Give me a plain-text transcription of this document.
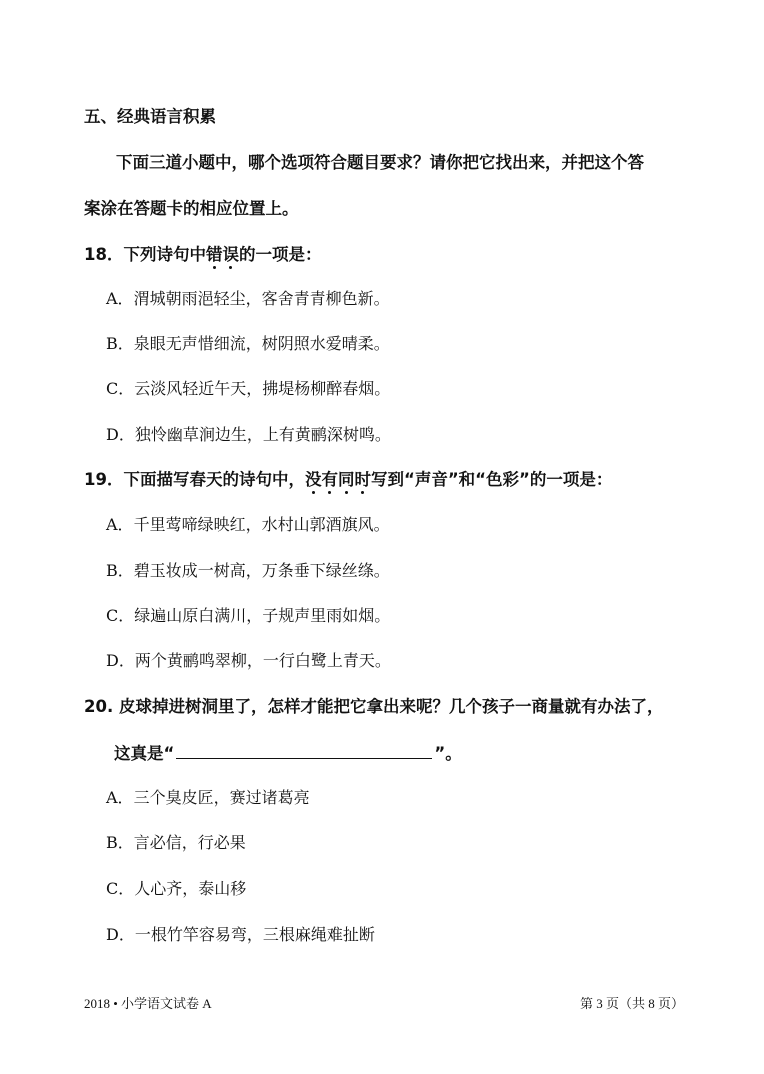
五、经典语言积累
下面三道小题中，哪个选项符合题目要求？请你把它找出来，并把这个答
案涂在答题卡的相应位置上。
18．下列诗句中错
误
的一项是：
A．渭城朝雨浥轻尘，客舍青青柳色新。
B．泉眼无声惜细流，树阴照水爱晴柔。
C．云淡风轻近午天，拂堤杨柳醉春烟。
D．独怜幽草涧边生，上有黄鹂深树鸣。
19．下面描写春天的诗句中，没
有
同
时
写到“声音”和“色彩”的一项是：
A．千里莺啼绿映红，水村山郭酒旗风。
B．碧玉妆成一树高，万条垂下绿丝绦。
C．绿遍山原白满川，子规声里雨如烟。
D．两个黄鹂鸣翠柳，一行白鹭上青天。
20. 皮球掉进树洞里了，怎样才能把它拿出来呢？几个孩子一商量就有办法了，
这真是“	”。
A．三个臭皮匠，赛过诸葛亮
B．言必信，行必果
C．人心齐，泰山移
D．一根竹竿容易弯，三根麻绳难扯断
2018 • 小学语文试卷 A	第 3 页（共 8 页）
